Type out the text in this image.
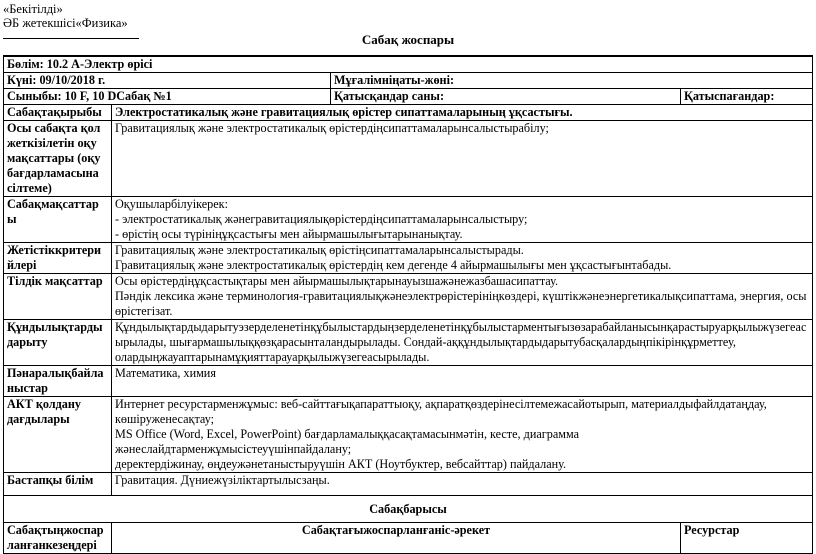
«Бекітілді»
ӘБ жетекшісі«Физика»
Сабақ жоспары
Бөлім: 10.2 А-Электр өрісі			
Күні: 09/10/2018 г.		Мұғалімніңаты-жөні:	
Сыныбы: 10 F, 10 DСабақ №1		Қатысқандар саны:	Қатыспағандар:
Сабақтақырыбы	Электростатикалық және гравитациялық өрістер сипаттамаларының ұқсастығы.		
Осы сабақта қол жеткізілетін оқу мақсаттары (оқу бағдарламасына сілтеме)	Гравитациялық және электростатикалық өрістердіңсипаттамаларынсалыстырабілу;		
Сабақмақсаттары	Оқушыларбілуікерек:
- электростатикалық жәнегравитациялықөрістердіңсипаттамаларынсалыстыру;
- өрістің осы түрініңұқсастығы мен айырмашылығытарынанықтау.		

Жетістіккритерийлері	Гравитациялық және электростатикалық өрістіңсипаттамаларынсалыстырады.
Гравитациялық және электростатикалық өрістердің кем дегенде 4 айырмашылығы мен ұқсастығынтабады.		

Тілдік мақсаттар	Осы өрістердіңұқсастықтары мен айырмашылықтарынауызшажәнежазбашасипаттау.
Пәндік лексика және терминология-гравитациялықжәнеэлектрөрістерініңкөздері, күштікжәнеэнергетикалықсипаттама, энергия, осы өрістегізат.		

Құндылықтарды дарыту	Құндылықтардыдарытуэзерделенетінқұбылыстардыңзерделенетінқұбылыстарментығызөзарабайланысынқарастыруарқылыжүзегеасырылады, шығармашылыққөзқарасынталандырылады. Сондай-аққұндылықтардыдарытубасқалардыңпікірінқұрметтеу, олардыңжауаптарынамұқияттарауарқылыжүзегеасырылады.		
Пәнаралықбайланыстар	Математика, химия		
АКТ қолдану дағдылары	Интернет ресурстарменжұмыс: веб-сайттағықапаратты​оқу, ақпаратқөздерінесілтемежасайотырып, материалдыфайлдатаңдау, көшіруженесақтау;
MS Office (Word, Excel, PowerPoint) бағдарламалыққасақтамасынмәтін, кесте, диаграмма жәнеслайдтарменжұмысістеуүшінпайдалану;
деректердіжинау, өңдеужәнетаныстыруүшін АКТ (Ноутбуктер, вебсайттар) пайдалану.		

Бастапқы білім	Гравитация. Дүниежүзіліктартылысзаңы.		
Сабақбарысы			
Сабақтыңжоспарланғанкезеңдері	Сабақтағыжоспарланғаніс-әрекет		Ресурстар
